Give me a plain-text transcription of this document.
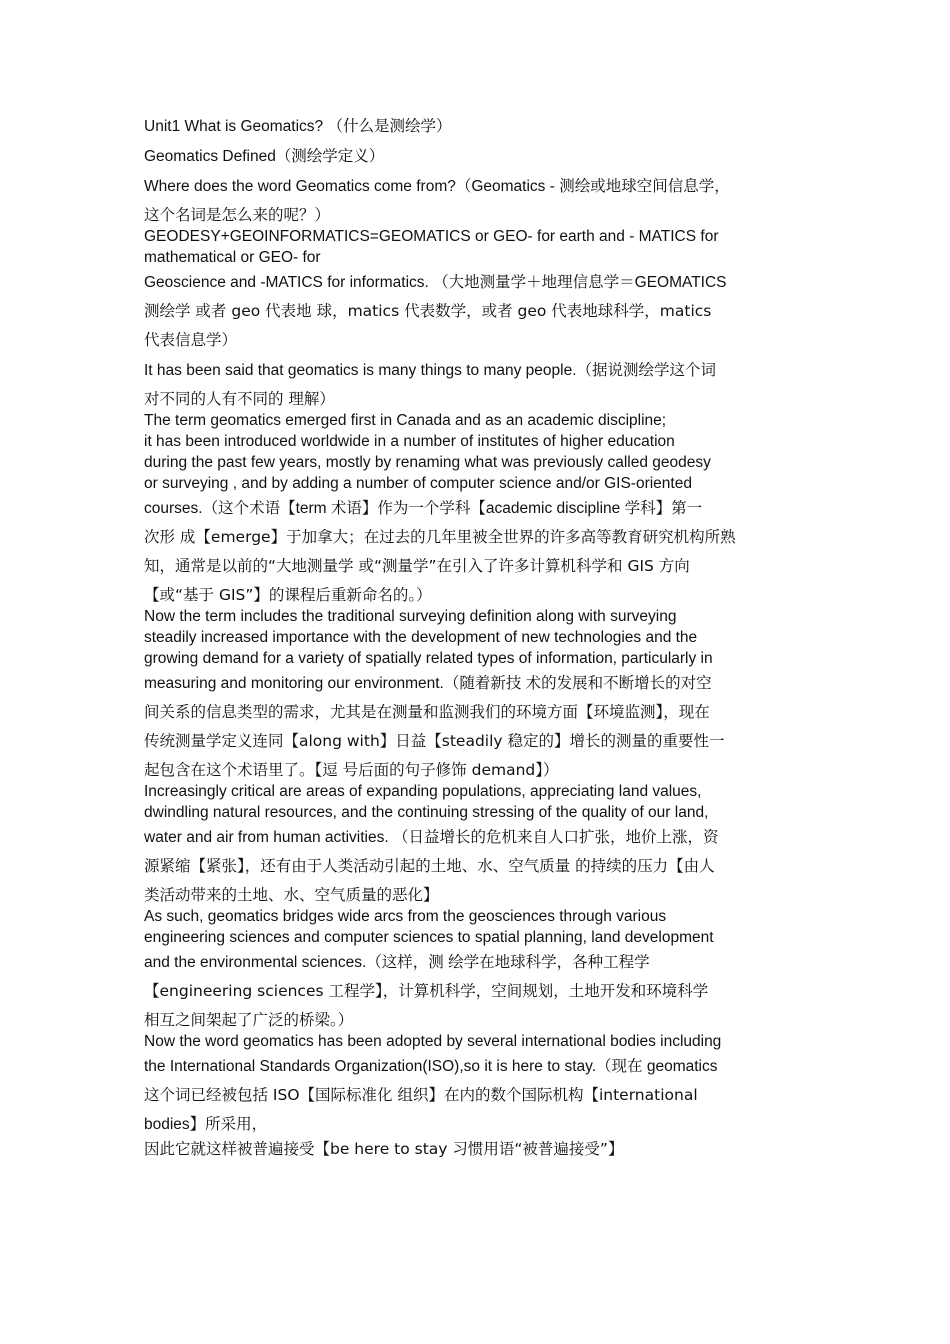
Unit1 What is Geomatics? （什么是测绘学）
Geomatics Defined（测绘学定义）
Where does the word Geomatics come from?（Geomatics - 测绘或地球空间信息学，
这个名词是怎么来的呢？）
GEODESY+GEOINFORMATICS=GEOMATICS or GEO- for earth and - MATICS for
mathematical or GEO- for
Geoscience and -MATICS for informatics. （大地测量学＋地理信息学＝GEOMATICS
测绘学 或者 geo 代表地 球，matics 代表数学，或者 geo 代表地球科学，matics
代表信息学）
It has been said that geomatics is many things to many people.（据说测绘学这个词
对不同的人有不同的 理解）
The term geomatics emerged first in Canada and as an academic discipline;
it has been introduced worldwide in a number of institutes of higher education
during the past few years, mostly by renaming what was previously called geodesy
or surveying , and by adding a number of computer science and/or GIS-oriented
courses.（这个术语【term 术语】作为一个学科【academic discipline 学科】第一
次形 成【emerge】于加拿大；在过去的几年里被全世界的许多高等教育研究机构所熟
知，通常是以前的“大地测量学 或“测量学”在引入了许多计算机科学和 GIS 方向
【或“基于 GIS”】的课程后重新命名的。）
Now the term includes the traditional surveying definition along with surveying
steadily increased importance with the development of new technologies and the
growing demand for a variety of spatially related types of information, particularly in
measuring and monitoring our environment.（随着新技 术的发展和不断增长的对空
间关系的信息类型的需求，尤其是在测量和监测我们的环境方面【环境监测】，现在
传统测量学定义连同【along with】日益【steadily 稳定的】增长的测量的重要性一
起包含在这个术语里了。【逗 号后面的句子修饰 demand】）
Increasingly critical are areas of expanding populations, appreciating land values,
dwindling natural resources, and the continuing stressing of the quality of our land,
water and air from human activities. （日益增长的危机来自人口扩张，地价上涨，资
源紧缩【紧张】，还有由于人类活动引起的土地、水、空气质量 的持续的压力【由人
类活动带来的土地、水、空气质量的恶化】
As such, geomatics bridges wide arcs from the geosciences through various
engineering sciences and computer sciences to spatial planning, land development
and the environmental sciences.（这样，测 绘学在地球科学，各种工程学
【engineering sciences 工程学】，计算机科学，空间规划，土地开发和环境科学
相互之间架起了广泛的桥梁。）
Now the word geomatics has been adopted by several international bodies including
the International Standards Organization(ISO),so it is here to stay.（现在 geomatics
这个词已经被包括 ISO【国际标准化 组织】在内的数个国际机构【international
bodies】所采用，
因此它就这样被普遍接受【be here to stay 习惯用语“被普遍接受”】
